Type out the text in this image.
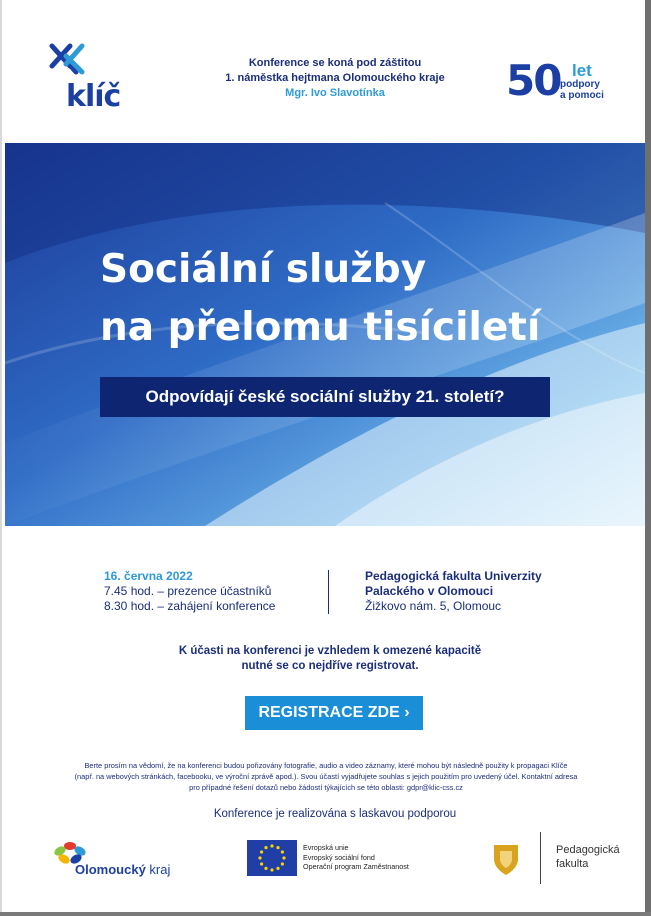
klíč
Konference se koná pod záštitou
1. náměstka hejtmana Olomouckého kraje
Mgr. Ivo Slavotínka	50 let
podpory
a pomoci
Sociální služby
na přelomu tisíciletí
Odpovídají české sociální služby 21. století?
16. června 2022
7.45 hod. – prezence účastníků
8.30 hod. – zahájení konference
Pedagogická fakulta Univerzity
Palackého v Olomouci
Žižkovo nám. 5, Olomouc
K účasti na konferenci je vzhledem k omezené kapacitě
nutné se co nejdříve registrovat.
REGISTRACE ZDE ›
Berte prosím na vědomí, že na konferenci budou pořizovány fotografie, audio a video záznamy, které mohou být následně použity k propagaci Klíče
(např. na webových stránkách, facebooku, ve výroční zprávě apod.). Svou účastí vyjadřujete souhlas s jejich použitím pro uvedený účel. Kontaktní adresa
pro případné řešení dotazů nebo žádostí týkajících se této oblasti: gdpr@klic-css.cz
Konference je realizována s laskavou podporou
Olomoucký kraj
Evropská unie
Evropský sociální fond
Operační program Zaměstnanost
Pedagogická
fakulta
